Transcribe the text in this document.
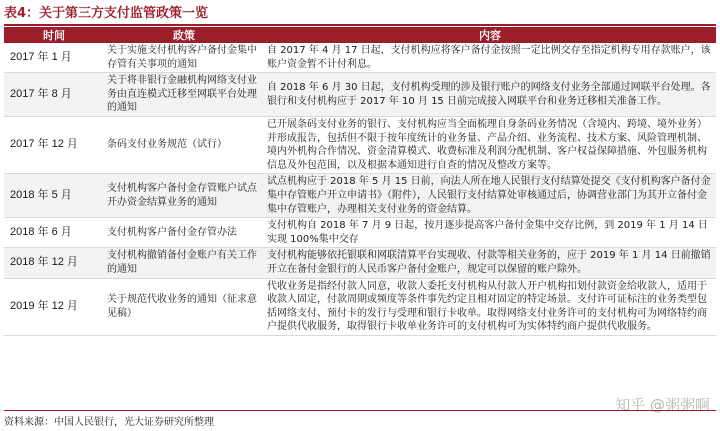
表4：关于第三方支付监管政策一览
时间	政策	内容
2017 年 1 月	关于实施支付机构客户备付金集中存管有关事项的通知	自 2017 年 4 月 17 日起，支付机构应将客户备付金按照一定比例交存至指定机构专用存款账户，该账户资金暂不计付利息。
2017 年 8 月	关于将非银行金融机构网络支付业务由直连模式迁移至网联平台处理的通知	自 2018 年 6 月 30 日起，支付机构受理的涉及银行账户的网络支付业务全部通过网联平台处理。各银行和支付机构应于 2017 年 10 月 15 日前完成接入网联平台和业务迁移相关准备工作。
2017 年 12 月	条码支付业务规范（试行）	已开展条码支付业务的银行、支付机构应当全面梳理自身条码业务情况（含境内、跨境、境外业务）并形成报告，包括但不限于按年度统计的业务量、产品介绍、业务流程、技术方案、风险管理机制、境内外机构合作情况、资金清算模式、收费标准及利润分配机制、客户权益保障措施、外包服务机构信息及外包范围，以及根据本通知进行自查的情况及整改方案等。
2018 年 5 月	支付机构客户备付金存管账户试点开办资金结算业务的通知	试点机构应于 2018 年 5 月 15 日前，向法人所在地人民银行支付结算处提交《支付机构客户备付金集中存管账户开立申请书》（附件），人民银行支付结算处审核通过后，协调营业部门为其开立备付金集中存管账户，办理相关支付业务的资金结算。
2018 年 6 月	支付机构客户备付金存管办法	支付机构自 2018 年 7 月 9 日起，按月逐步提高客户备付金集中交存比例，到 2019 年 1 月 14 日实现 100%集中交存
2018 年 12 月	支付机构撤销备付金账户有关工作的通知	支付机构能够依托银联和网联清算平台实现收、付款等相关业务的，应于 2019 年 1 月 14 日前撤销开立在备付金银行的人民币客户备付金账户，规定可以保留的账户除外。
2019 年 12 月	关于规范代收业务的通知（征求意见稿）	代收业务是指经付款人同意，收款人委托支付机构从付款人开户机构扣划付款资金给收款人，适用于收款人固定，付款周期或频度等条件事先约定且相对固定的特定场景。支付许可证标注的业务类型包括网络支付、预付卡的发行与受理和银行卡收单。取得网络支付业务许可的支付机构可为网络特约商户提供代收服务，取得银行卡收单业务许可的支付机构可为实体特约商户提供代收服务。
知乎 @粥粥啊
资料来源：中国人民银行，光大证券研究所整理
